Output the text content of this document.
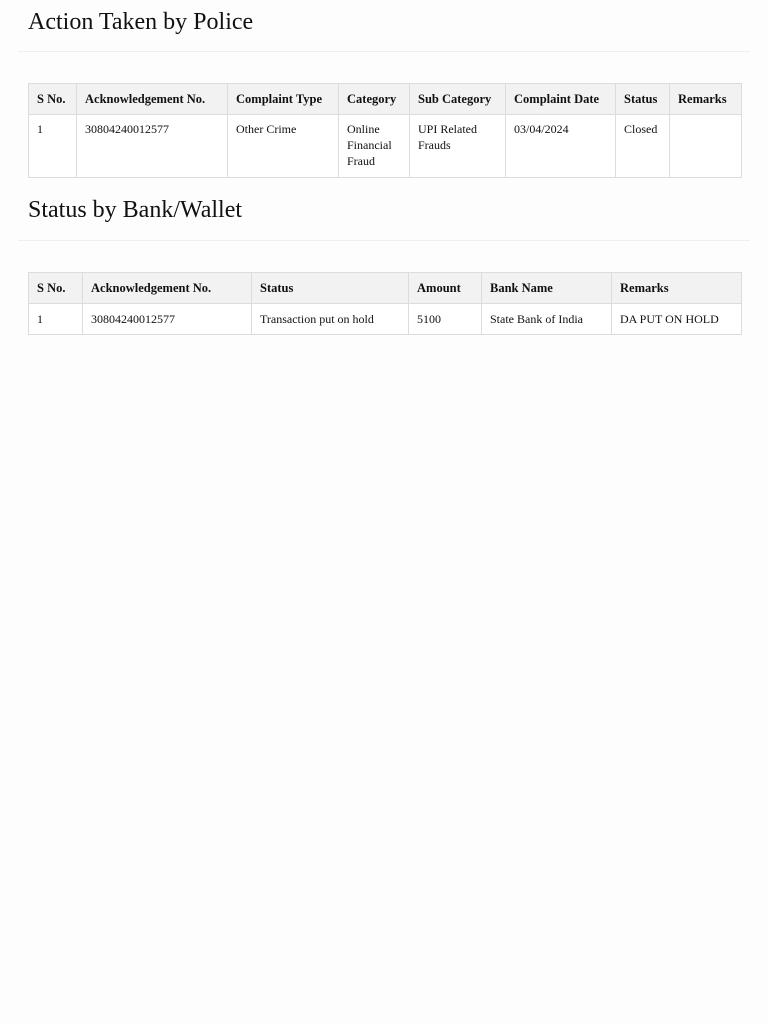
Action Taken by Police
S No.	Acknowledgement No.	Complaint Type	Category	Sub Category	Complaint Date	Status	Remarks
1	30804240012577	Other Crime	Online Financial Fraud	UPI Related Frauds	03/04/2024	Closed	
Status by Bank/Wallet
S No.	Acknowledgement No.	Status	Amount	Bank Name	Remarks
1	30804240012577	Transaction put on hold	5100	State Bank of India	DA PUT ON HOLD
